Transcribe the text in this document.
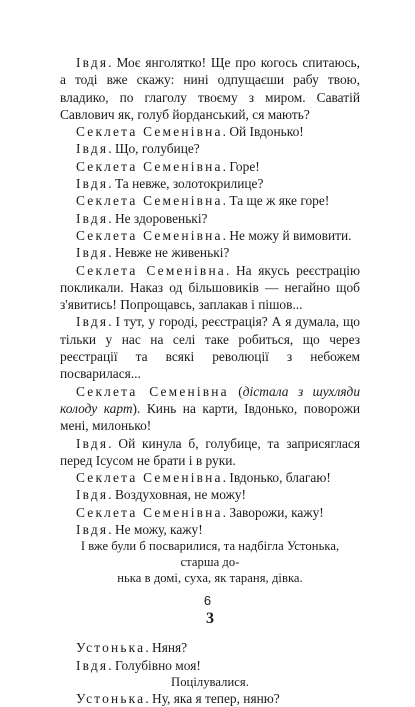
Івдя. Моє янголятко! Ще про когось спитаюсь, а тоді вже скажу: нині одпущаєши рабу твою, владико, по глаголу твоєму з миром. Саватій Савлович як, голуб йорданський, ся мають?

Секлета Семенівна. Ой Івдонько!

Івдя. Що, голубице?

Секлета Семенівна. Горе!

Івдя. Та невже, золотокрилице?

Секлета Семенівна. Та ще ж яке горе!

Івдя. Не здоровенькі?

Секлета Семенівна. Не можу й вимовити.

Івдя. Невже не живенькі?

Секлета Семенівна. На якусь реєстрацію покликали. Наказ од більшовиків — негайно щоб з'явитись! Попрощавсь, заплакав і пішов...

Івдя. І тут, у городі, реєстрація? А я думала, що тільки у нас на селі таке робиться, що через реєстрації та всякі революції з небожем посварилася...

Секлета Семенівна (дістала з шухляди колоду карт). Кинь на карти, Івдонько, поворожи мені, милонько!

Івдя. Ой кинула б, голубице, та заприсяглася перед Ісусом не брати і в руки.

Секлета Семенівна. Івдонько, благаю!

Івдя. Воздуховная, не можу!

Секлета Семенівна. Заворожи, кажу!

Івдя. Не можу, кажу!

І вже були б посварилися, та надбігла Устонька, старша до-
нька в домі, суха, як тараня, дівка.

3

Устонька. Няня?

Івдя. Голубівно моя!

Поцілувалися.

Устонька. Ну, яка я тепер, няню?

6
